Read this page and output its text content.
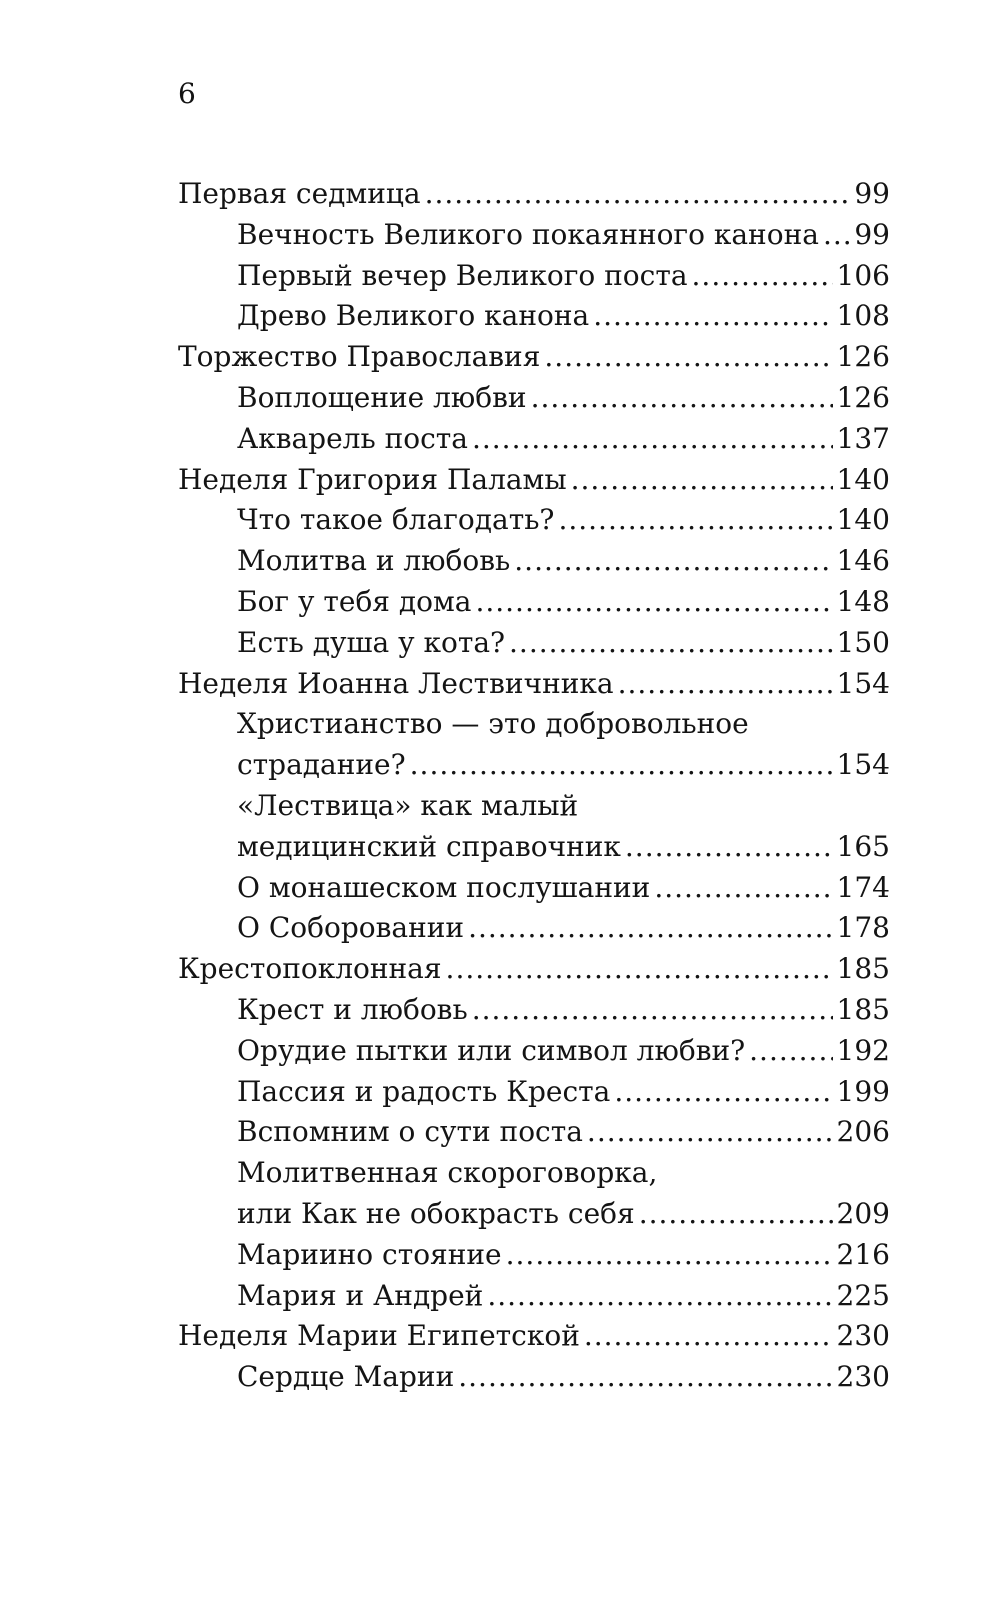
6
Первая седмица .....	99
Вечность Великого покаянного канона ..... 99
Первый вечер Великого поста .....	106
Древо Великого канона .....	108
Торжество Православия .....	126
Воплощение любви .....	126
Акварель поста .....	137
Неделя Григория Паламы .....	140
Что такое благодать? .....	140
Молитва и любовь .....	146
Бог у тебя дома .....	148
Есть душа у кота? .....	150
Неделя Иоанна Лествичника .....	154
Христианство — это добровольное
страдание? .....	154
«Лествица» как малый
медицинский справочник .....	165
О монашеском послушании .....	174
О Соборовании .....	178
Крестопоклонная .....	185
Крест и любовь .....	185
Орудие пытки или символ любви? .....	192
Пассия и радость Креста .....	199
Вспомним о сути поста .....	206
Молитвенная скороговорка,
или Как не обокрасть себя .....	209
Мариино стояние .....	216
Мария и Андрей .....	225
Неделя Марии Египетской .....	230
Сердце Марии .....	230
